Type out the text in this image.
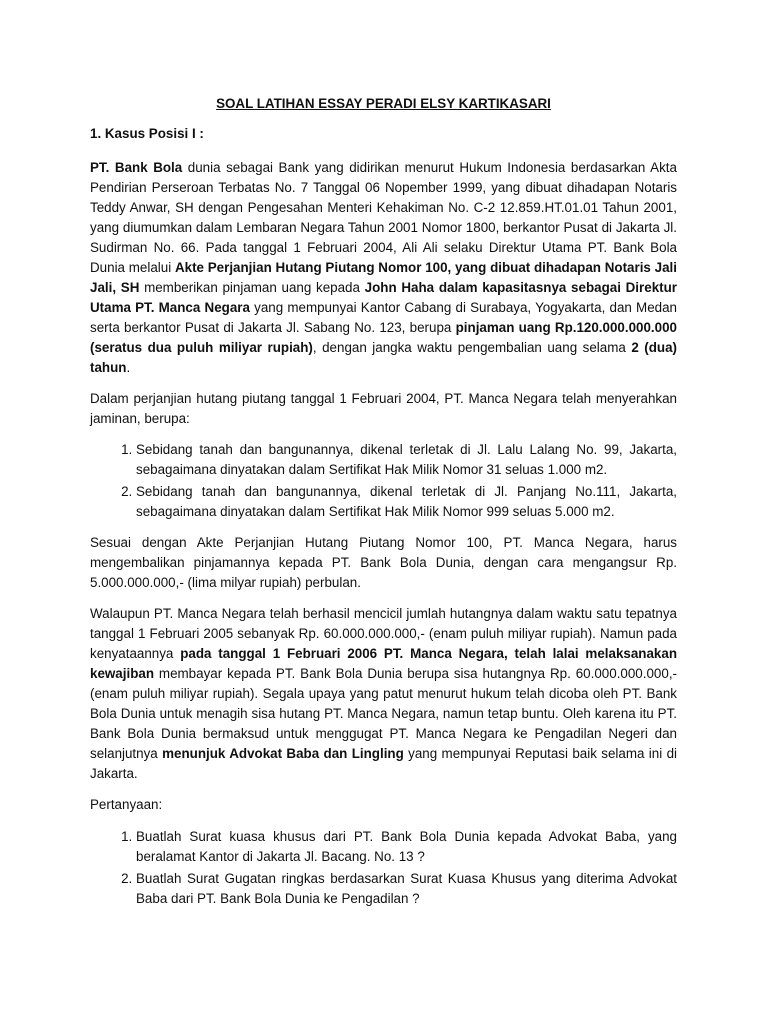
SOAL LATIHAN ESSAY PERADI ELSY KARTIKASARI
1. Kasus Posisi I :
PT. Bank Bola dunia sebagai Bank yang didirikan menurut Hukum Indonesia berdasarkan Akta Pendirian Perseroan Terbatas No. 7 Tanggal 06 Nopember 1999, yang dibuat dihadapan Notaris Teddy Anwar, SH dengan Pengesahan Menteri Kehakiman No. C-2 12.859.HT.01.01 Tahun 2001, yang diumumkan dalam Lembaran Negara Tahun 2001 Nomor 1800, berkantor Pusat di Jakarta Jl. Sudirman No. 66. Pada tanggal 1 Februari 2004, Ali Ali selaku Direktur Utama PT. Bank Bola Dunia melalui Akte Perjanjian Hutang Piutang Nomor 100, yang dibuat dihadapan Notaris Jali Jali, SH memberikan pinjaman uang kepada John Haha dalam kapasitasnya sebagai Direktur Utama PT. Manca Negara yang mempunyai Kantor Cabang di Surabaya, Yogyakarta, dan Medan serta berkantor Pusat di Jakarta Jl. Sabang No. 123, berupa pinjaman uang Rp.120.000.000.000 (seratus dua puluh miliyar rupiah), dengan jangka waktu pengembalian uang selama 2 (dua) tahun.
Dalam perjanjian hutang piutang tanggal 1 Februari 2004, PT. Manca Negara telah menyerahkan jaminan, berupa:
1. Sebidang tanah dan bangunannya, dikenal terletak di Jl. Lalu Lalang No. 99, Jakarta, sebagaimana dinyatakan dalam Sertifikat Hak Milik Nomor 31 seluas 1.000 m2.
2. Sebidang tanah dan bangunannya, dikenal terletak di Jl. Panjang No.111, Jakarta, sebagaimana dinyatakan dalam Sertifikat Hak Milik Nomor 999 seluas 5.000 m2.
Sesuai dengan Akte Perjanjian Hutang Piutang Nomor 100, PT. Manca Negara, harus mengembalikan pinjamannya kepada PT. Bank Bola Dunia, dengan cara mengangsur Rp. 5.000.000.000,- (lima milyar rupiah) perbulan.
Walaupun PT. Manca Negara telah berhasil mencicil jumlah hutangnya dalam waktu satu tepatnya tanggal 1 Februari 2005 sebanyak Rp. 60.000.000.000,- (enam puluh miliyar rupiah). Namun pada kenyataannya pada tanggal 1 Februari 2006 PT. Manca Negara, telah lalai melaksanakan kewajiban membayar kepada PT. Bank Bola Dunia berupa sisa hutangnya Rp. 60.000.000.000,- (enam puluh miliyar rupiah). Segala upaya yang patut menurut hukum telah dicoba oleh PT. Bank Bola Dunia untuk menagih sisa hutang PT. Manca Negara, namun tetap buntu. Oleh karena itu PT. Bank Bola Dunia bermaksud untuk menggugat PT. Manca Negara ke Pengadilan Negeri dan selanjutnya menunjuk Advokat Baba dan Lingling yang mempunyai Reputasi baik selama ini di Jakarta.
Pertanyaan:
1. Buatlah Surat kuasa khusus dari PT. Bank Bola Dunia kepada Advokat Baba, yang beralamat Kantor di Jakarta Jl. Bacang. No. 13 ?
2. Buatlah Surat Gugatan ringkas berdasarkan Surat Kuasa Khusus yang diterima Advokat Baba dari PT. Bank Bola Dunia ke Pengadilan ?
